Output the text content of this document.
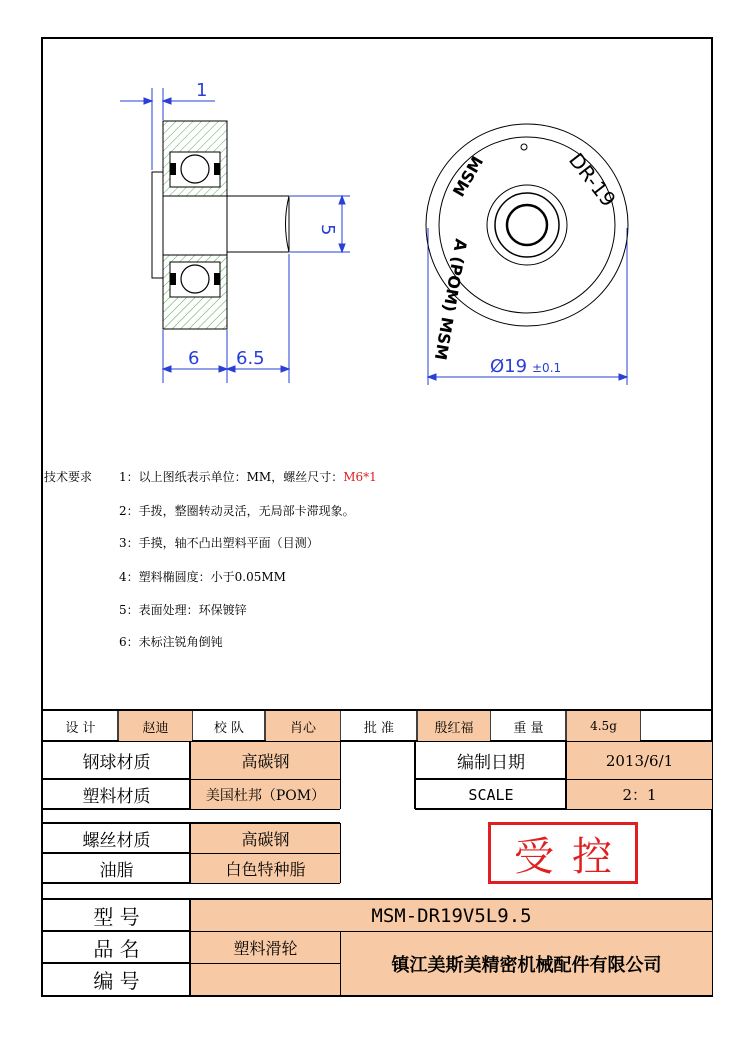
1
5
6 6.5	Ø19 ±0.1
DR-19
MSM
A (POM) MSM
技术要求 1：以上图纸表示单位：MM，螺丝尺寸：M6*1
2：手拨，整圈转动灵活，无局部卡滞现象。
3：手摸，轴不凸出塑料平面（目测）
4：塑料椭圆度：小于0.05MM
5：表面处理：环保镀锌
6：未标注锐角倒钝
设 计	赵迪	校 队	肖心	批 准	殷红福	重 量	4.5g
钢球材质	高碳钢
塑料材质	美国杜邦（POM）
编制日期	2013/6/1
SCALE	2：1
螺丝材质	高碳钢
油脂	白色特种脂	受控
型 号	MSM-DR19V5L9.5
品 名	塑料滑轮
编 号
镇江美斯美精密机械配件有限公司
